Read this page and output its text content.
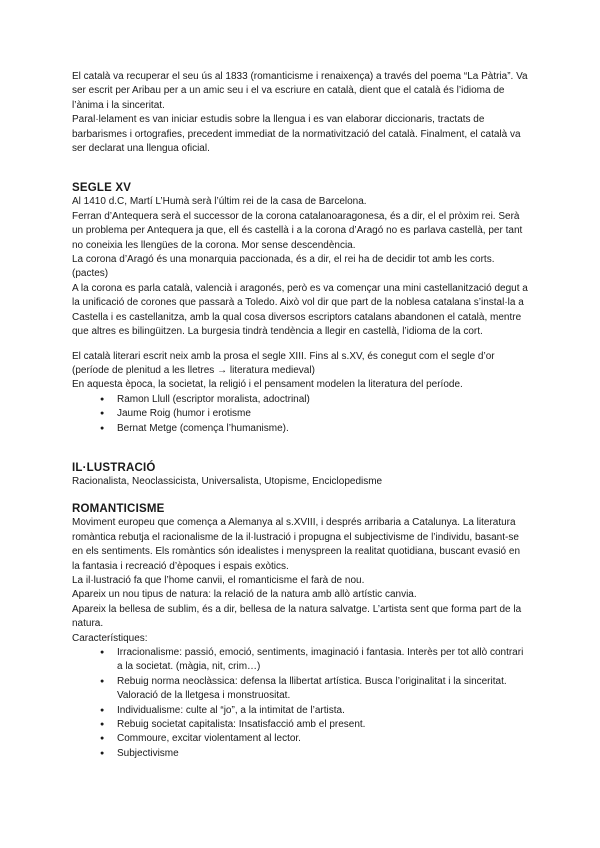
El català va recuperar el seu ús al 1833 (romanticisme i renaixença) a través del poema “La Pàtria”. Va ser escrit per Aribau per a un amic seu i el va escriure en català, dient que el català és l’idioma de l’ànima i la sinceritat.

Paral·lelament es van iniciar estudis sobre la llengua i es van elaborar diccionaris, tractats de barbarismes i ortografies, precedent immediat de la normativització del català. Finalment, el català va ser declarat una llengua oficial.

SEGLE XV

Al 1410 d.C, Martí L’Humà serà l’últim rei de la casa de Barcelona.

Ferran d’Antequera serà el successor de la corona catalanoaragonesa, és a dir, el el pròxim rei. Serà un problema per Antequera ja que, ell és castellà i a la corona d’Aragó no es parlava castellà, per tant no coneixia les llengües de la corona. Mor sense descendència.

La corona d’Aragó és una monarquia paccionada, és a dir, el rei ha de decidir tot amb les corts. (pactes)

A la corona es parla català, valencià i aragonés, però es va començar una mini castellanització degut a la unificació de corones que passarà a Toledo. Això vol dir que part de la noblesa catalana s’instal·la a Castella i es castellanitza, amb la qual cosa diversos escriptors catalans abandonen el català, mentre que altres es bilingüitzen. La burgesia tindrà tendència a llegir en castellà, l’idioma de la cort.

El català literari escrit neix amb la prosa el segle XIII. Fins al s.XV, és conegut com el segle d’or (període de plenitud a les lletres → literatura medieval)

En aquesta època, la societat, la religió i el pensament modelen la literatura del període.

● Ramon Llull (escriptor moralista, adoctrinal)
● Jaume Roig (humor i erotisme
● Bernat Metge (comença l’humanisme).
IL·LUSTRACIÓ

Racionalista, Neoclassicista, Universalista, Utopisme, Enciclopedisme

ROMANTICISME

Moviment europeu que comença a Alemanya al s.XVIII, i després arribaria a Catalunya. La literatura romàntica rebutja el racionalisme de la il·lustració i propugna el subjectivisme de l’individu, basant-se en els sentiments. Els romàntics són idealistes i menyspreen la realitat quotidiana, buscant evasió en la fantasia i recreació d’èpoques i espais exòtics.

La il·lustració fa que l’home canvii, el romanticisme el farà de nou.

Apareix un nou tipus de natura: la relació de la natura amb allò artístic canvia.

Apareix la bellesa de sublim, és a dir, bellesa de la natura salvatge. L’artista sent que forma part de la natura.

Característiques:

● Irracionalisme: passió, emoció, sentiments, imaginació i fantasia. Interès per tot allò contrari a la societat. (màgia, nit, crim…)
● Rebuig norma neoclàssica: defensa la llibertat artística. Busca l’originalitat i la sinceritat. Valoració de la lletgesa i monstruositat.
● Individualisme: culte al “jo”, a la intimitat de l’artista.
● Rebuig societat capitalista: Insatisfacció amb el present.
● Commoure, excitar violentament al lector.
● Subjectivisme
